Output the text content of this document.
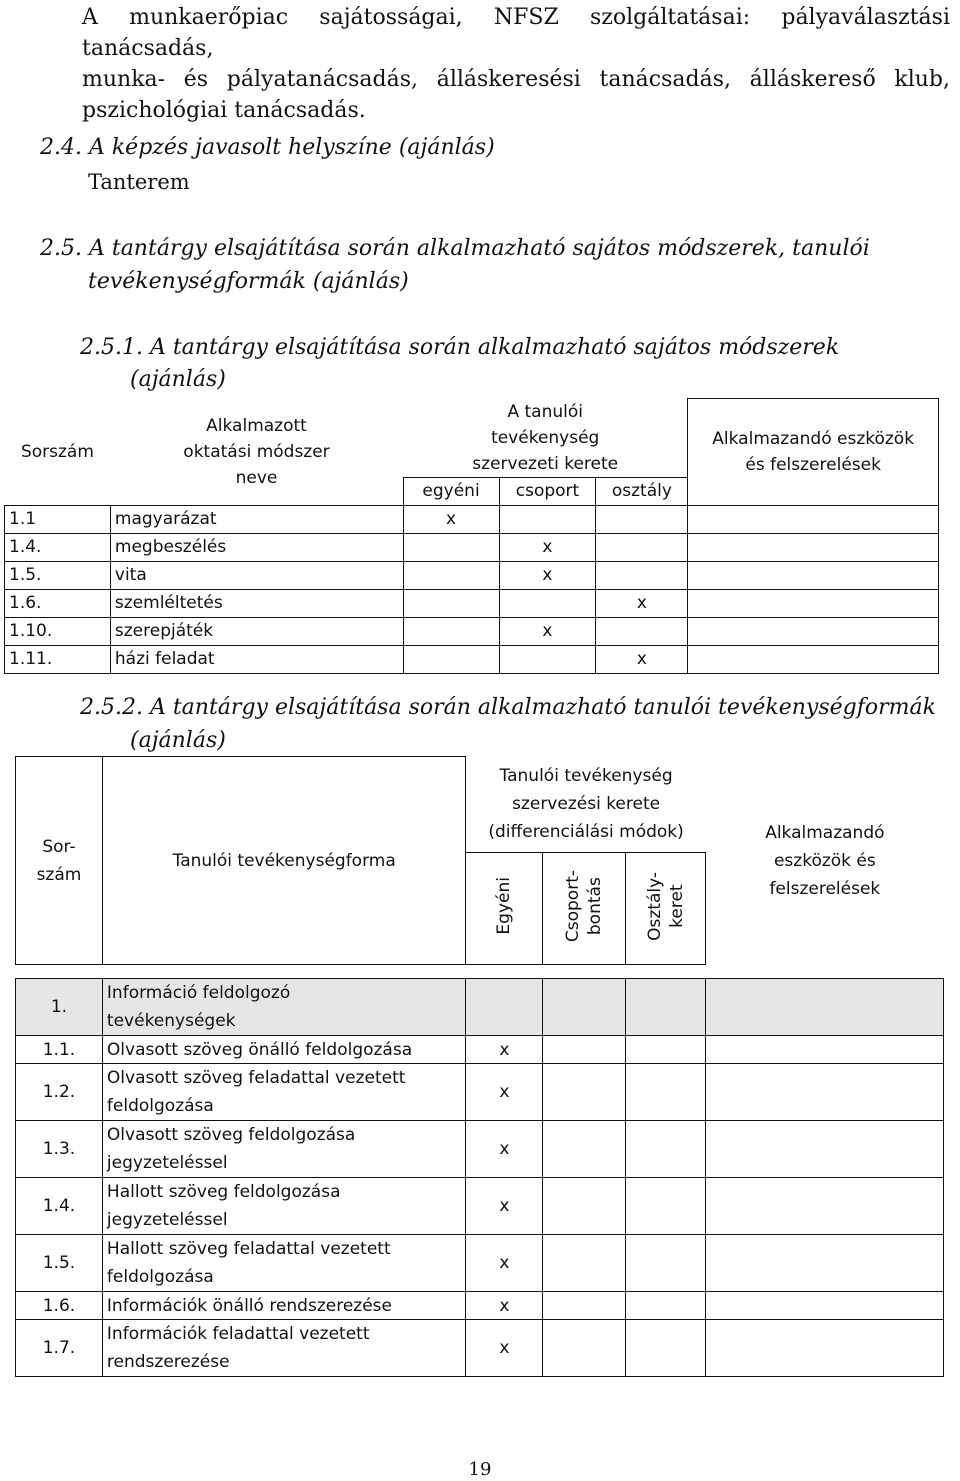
A munkaerőpiac sajátosságai, NFSZ szolgáltatásai: pályaválasztási tanácsadás,
munka- és pályatanácsadás, álláskeresési tanácsadás, álláskereső klub,
pszichológiai tanácsadás.
2.4. A képzés javasolt helyszíne (ajánlás)
Tanterem
2.5. A tantárgy elsajátítása során alkalmazható sajátos módszerek, tanulói
tevékenységformák (ajánlás)
2.5.1. A tantárgy elsajátítása során alkalmazható sajátos módszerek
(ajánlás)
Sorszám	Alkalmazott oktatási módszer neve	A tanulói tevékenység szervezeti kerete			Alkalmazandó eszközök és felszerelések
		egyéni	csoport	osztály	
1.1	magyarázat	x			
1.4.	megbeszélés		x		
1.5.	vita		x		
1.6.	szemléltetés			x	
1.10.	szerepjáték		x		
1.11.	házi feladat			x	
2.5.2. A tantárgy elsajátítása során alkalmazható tanulói tevékenységformák
(ajánlás)
Sor-
szám	Tanulói tevékenységforma	Tanulói tevékenység
szervezési kerete
(differenciálási módok)			Alkalmazandó
eszközök és
felszerelések
		Egyéni	Csoport- bontás	Osztály- keret	

1.	Információ feldolgozó
tevékenységek				
1.1.	Olvasott szöveg önálló feldolgozása	x			
1.2.	Olvasott szöveg feladattal vezetett
feldolgozása	x			
1.3.	Olvasott szöveg feldolgozása
jegyzeteléssel	x			
1.4.	Hallott szöveg feldolgozása
jegyzeteléssel	x			
1.5.	Hallott szöveg feladattal vezetett
feldolgozása	x			
1.6.	Információk önálló rendszerezése	x			
1.7.	Információk feladattal vezetett
rendszerezése	x			
19
